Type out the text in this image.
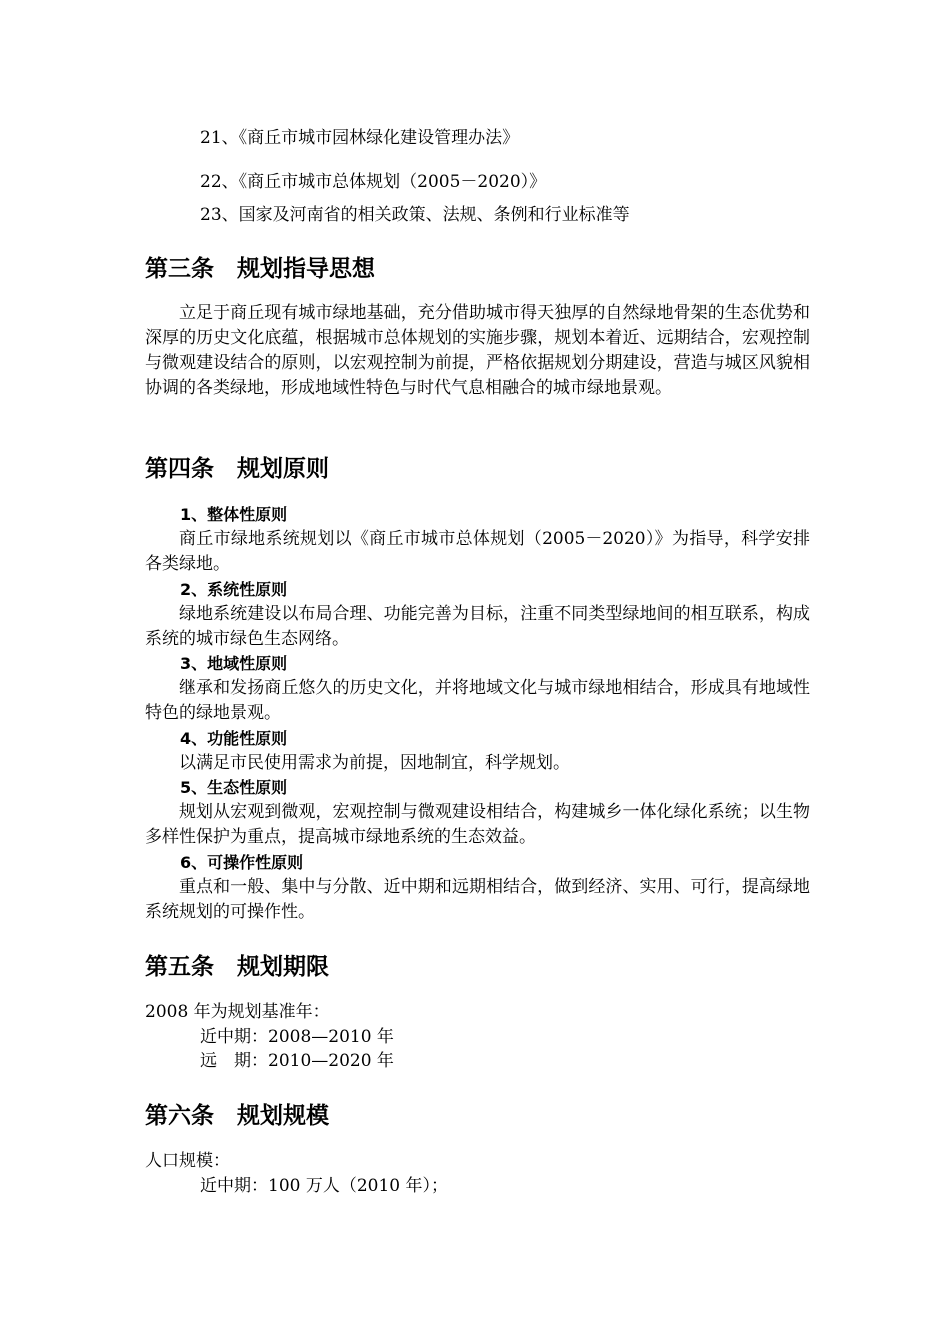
21、《商丘市城市园林绿化建设管理办法》
22、《商丘市城市总体规划（2005－2020）》
23、国家及河南省的相关政策、法规、条例和行业标准等
第三条　规划指导思想
立足于商丘现有城市绿地基础，充分借助城市得天独厚的自然绿地骨架的生态优势和深厚的历史文化底蕴，根据城市总体规划的实施步骤，规划本着近、远期结合，宏观控制与微观建设结合的原则，以宏观控制为前提，严格依据规划分期建设，营造与城区风貌相协调的各类绿地，形成地域性特色与时代气息相融合的城市绿地景观。
第四条　规划原则
1、整体性原则
商丘市绿地系统规划以《商丘市城市总体规划（2005－2020）》为指导，科学安排各类绿地。
2、系统性原则
绿地系统建设以布局合理、功能完善为目标，注重不同类型绿地间的相互联系，构成系统的城市绿色生态网络。
3、地域性原则
继承和发扬商丘悠久的历史文化，并将地域文化与城市绿地相结合，形成具有地域性特色的绿地景观。
4、功能性原则
以满足市民使用需求为前提，因地制宜，科学规划。
5、生态性原则
规划从宏观到微观，宏观控制与微观建设相结合，构建城乡一体化绿化系统；以生物多样性保护为重点，提高城市绿地系统的生态效益。
6、可操作性原则
重点和一般、集中与分散、近中期和远期相结合，做到经济、实用、可行，提高绿地系统规划的可操作性。
第五条　规划期限
2008 年为规划基准年：
近中期：2008—2010 年
远　期：2010—2020 年
第六条　规划规模
人口规模：
近中期：100 万人（2010 年）；
